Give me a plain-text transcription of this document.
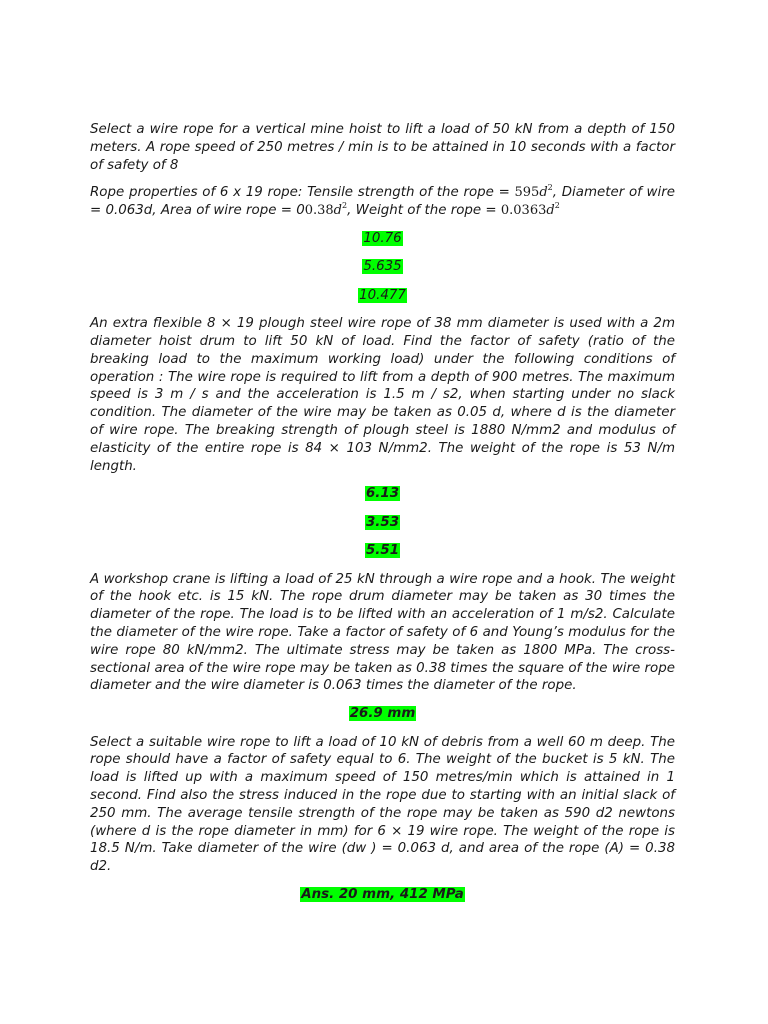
Select a wire rope for a vertical mine hoist to lift a load of 50 kN from a depth of 150 meters. A rope speed of 250 metres / min is to be attained in 10 seconds with a factor of safety of 8

Rope properties of 6 x 19 rope: Tensile strength of the rope = $595d^2$, Diameter of wire = 0.063d, Area of wire rope = $00.38d^2$, Weight of the rope = $0.0363d^2$

10.76

5.635

10.477

An extra flexible 8 × 19 plough steel wire rope of 38 mm diameter is used with a 2m diameter hoist drum to lift 50 kN of load. Find the factor of safety (ratio of the breaking load to the maximum working load) under the following conditions of operation : The wire rope is required to lift from a depth of 900 metres. The maximum speed is 3 m / s and the acceleration is 1.5 m / s2, when starting under no slack condition. The diameter of the wire may be taken as 0.05 d, where d is the diameter of wire rope. The breaking strength of plough steel is 1880 N/mm2 and modulus of elasticity of the entire rope is 84 × 103 N/mm2. The weight of the rope is 53 N/m length.

6.13

3.53

5.51

A workshop crane is lifting a load of 25 kN through a wire rope and a hook. The weight of the hook etc. is 15 kN. The rope drum diameter may be taken as 30 times the diameter of the rope. The load is to be lifted with an acceleration of 1 m/s2. Calculate the diameter of the wire rope. Take a factor of safety of 6 and Young’s modulus for the wire rope 80 kN/mm2. The ultimate stress may be taken as 1800 MPa. The cross-sectional area of the wire rope may be taken as 0.38 times the square of the wire rope diameter and the wire diameter is 0.063 times the diameter of the rope.

26.9 mm

Select a suitable wire rope to lift a load of 10 kN of debris from a well 60 m deep. The rope should have a factor of safety equal to 6. The weight of the bucket is 5 kN. The load is lifted up with a maximum speed of 150 metres/min which is attained in 1 second. Find also the stress induced in the rope due to starting with an initial slack of 250 mm. The average tensile strength of the rope may be taken as 590 d2 newtons (where d is the rope diameter in mm) for 6 × 19 wire rope. The weight of the rope is 18.5 N/m. Take diameter of the wire (dw ) = 0.063 d, and area of the rope (A) = 0.38 d2.

Ans. 20 mm, 412 MPa
